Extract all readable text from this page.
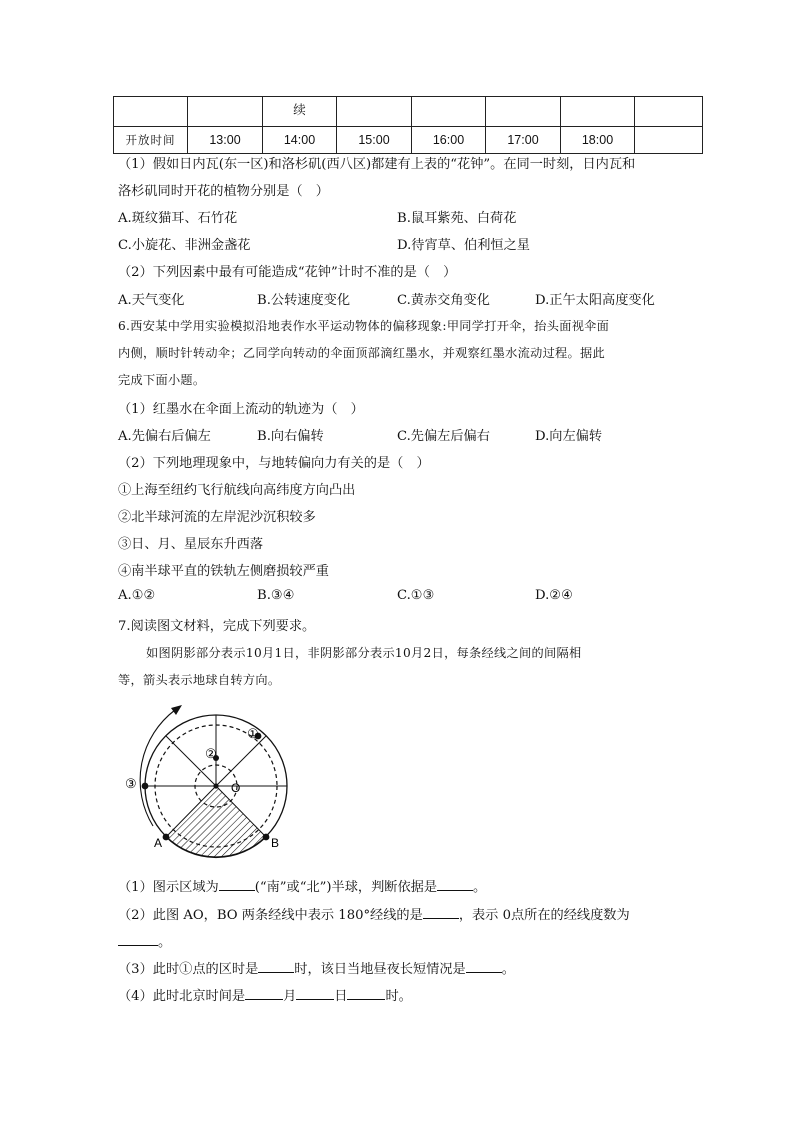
		续					
开放时间	13:00	14:00	15:00	16:00	17:00	18:00	
（1）假如日内瓦(东一区)和洛杉矶(西八区)都建有上表的“花钟”。在同一时刻，日内瓦和
洛杉矶同时开花的植物分别是（　）
A.斑纹猫耳、石竹花	B.鼠耳紫苑、白荷花
C.小旋花、非洲金盏花	D.待宵草、伯利恒之星
（2）下列因素中最有可能造成“花钟”计时不准的是（　）
A.天气变化	B.公转速度变化	C.黄赤交角变化	D.正午太阳高度变化
6.西安某中学用实验模拟沿地表作水平运动物体的偏移现象:甲同学打开伞，抬头面视伞面
内侧，顺时针转动伞；乙同学向转动的伞面顶部滴红墨水，并观察红墨水流动过程。据此
完成下面小题。
（1）红墨水在伞面上流动的轨迹为（　）
A.先偏右后偏左	B.向右偏转	C.先偏左后偏右	D.向左偏转
（2）下列地理现象中，与地转偏向力有关的是（　）
①上海至纽约飞行航线向高纬度方向凸出
②北半球河流的左岸泥沙沉积较多
③日、月、星辰东升西落
④南半球平直的铁轨左侧磨损较严重
A.①②	B.③④	C.①③	D.②④
7.阅读图文材料，完成下列要求。
如图阴影部分表示10月1日，非阴影部分表示10月2日，每条经线之间的间隔相
等，箭头表示地球自转方向。
①
②
③	O
A	B
（1）图示区域为	(“南”或“北”)半球，判断依据是	。
（2）此图 AO，BO 两条经线中表示 180°经线的是	，表示 0点所在的经线度数为
。
（3）此时①点的区时是	时，该日当地昼夜长短情况是	。
（4）此时北京时间是	月	日	时。
